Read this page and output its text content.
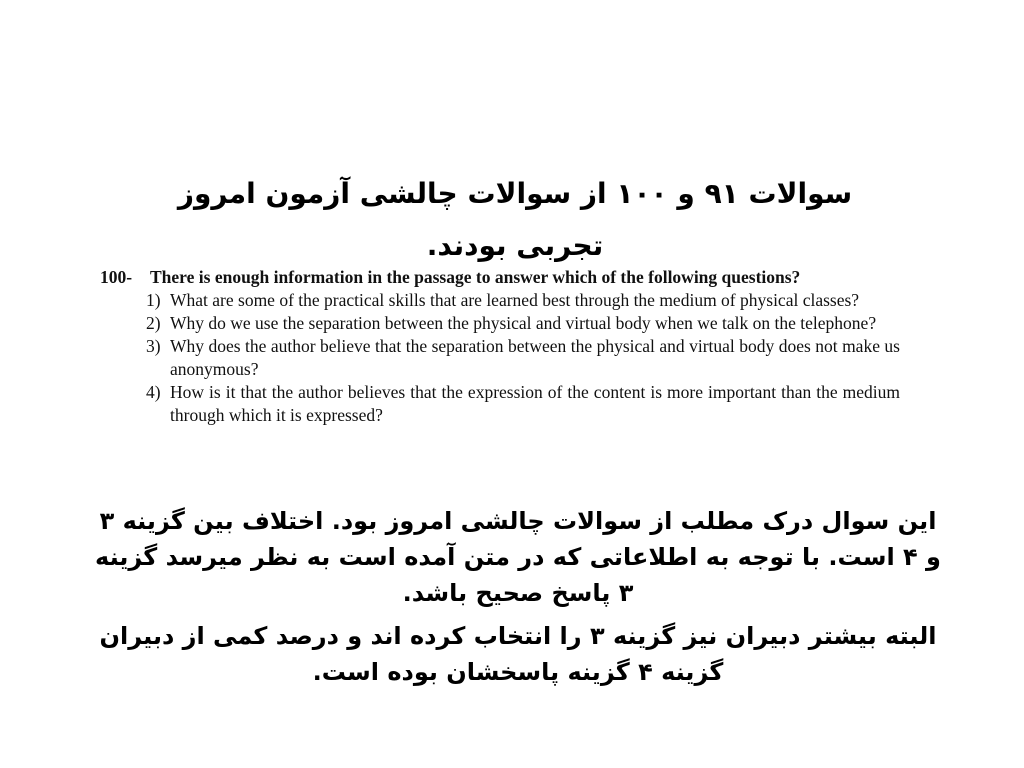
سوالات ۹۱ و ۱۰۰ از سوالات چالشی آزمون امروز تجربی بودند.
100- There is enough information in the passage to answer which of the following questions?
1) What are some of the practical skills that are learned best through the medium of physical classes?
2) Why do we use the separation between the physical and virtual body when we talk on the telephone?
3) Why does the author believe that the separation between the physical and virtual body does not make us anonymous?
4) How is it that the author believes that the expression of the content is more important than the medium through which it is expressed?
این سوال درک مطلب از سوالات چالشی امروز بود. اختلاف بین گزینه ۳ و ۴ است. با توجه به اطلاعاتی که در متن آمده است به نظر میرسد گزینه ۳ پاسخ صحیح باشد.
البته بیشتر دبیران نیز گزینه ۳ را انتخاب کرده اند و درصد کمی از دبیران گزینه ۴ گزینه پاسخشان بوده است.
